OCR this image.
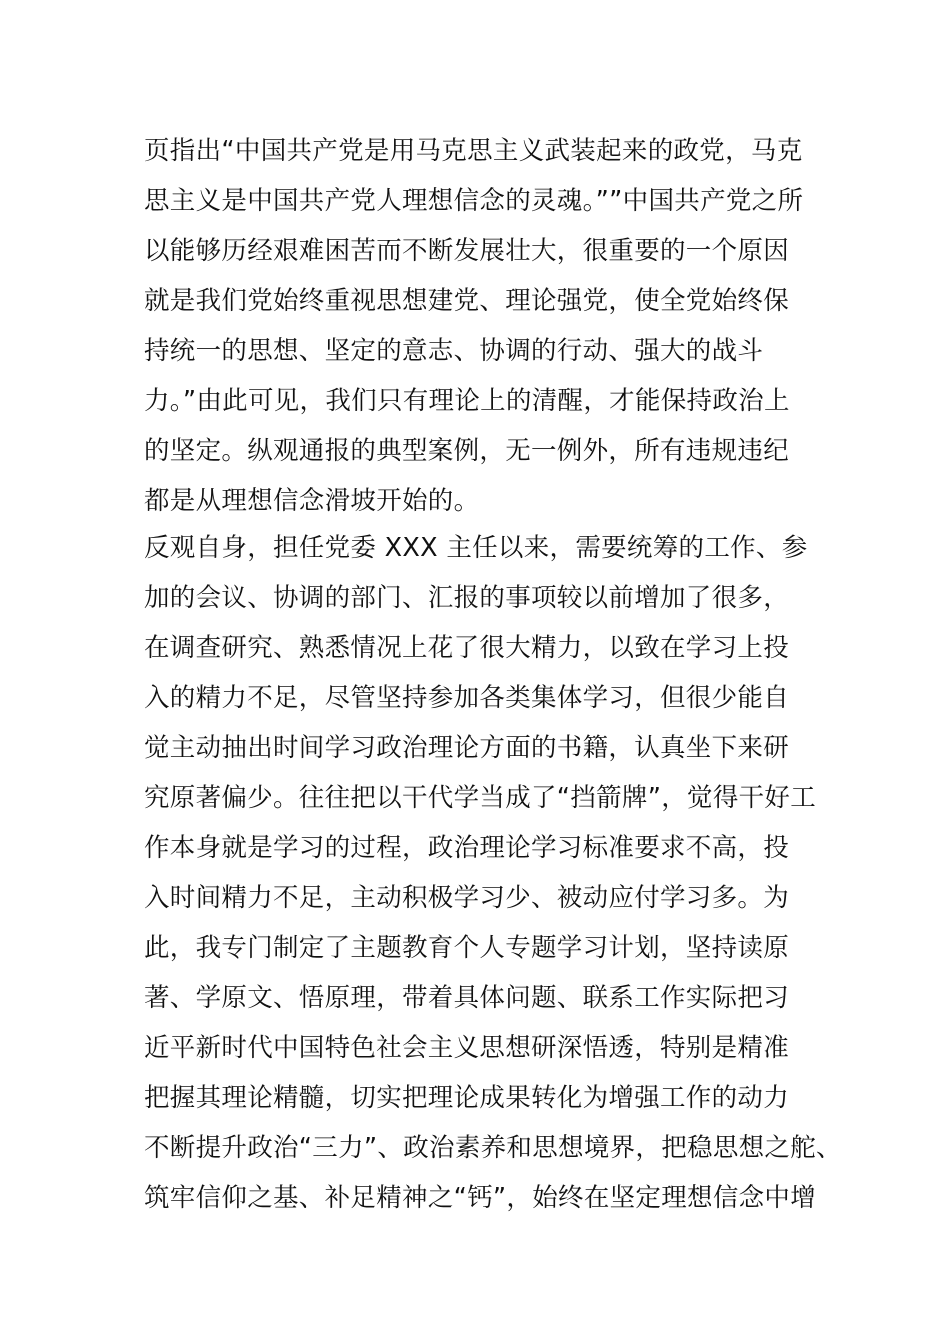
页指出“中国共产党是用马克思主义武装起来的政党，马克
思主义是中国共产党人理想信念的灵魂。””中国共产党之所
以能够历经艰难困苦而不断发展壮大，很重要的一个原因
就是我们党始终重视思想建党、理论强党，使全党始终保
持统一的思想、坚定的意志、协调的行动、强大的战斗
力。”由此可见，我们只有理论上的清醒，才能保持政治上
的坚定。纵观通报的典型案例，无一例外，所有违规违纪
都是从理想信念滑坡开始的。
反观自身，担任党委 XXX 主任以来，需要统筹的工作、参
加的会议、协调的部门、汇报的事项较以前增加了很多，
在调查研究、熟悉情况上花了很大精力，以致在学习上投
入的精力不足，尽管坚持参加各类集体学习，但很少能自
觉主动抽出时间学习政治理论方面的书籍，认真坐下来研
究原著偏少。往往把以干代学当成了“挡箭牌”，觉得干好工
作本身就是学习的过程，政治理论学习标准要求不高，投
入时间精力不足，主动积极学习少、被动应付学习多。为
此，我专门制定了主题教育个人专题学习计划，坚持读原
著、学原文、悟原理，带着具体问题、联系工作实际把习
近平新时代中国特色社会主义思想研深悟透，特别是精准
把握其理论精髓，切实把理论成果转化为增强工作的动力
不断提升政治“三力”、政治素养和思想境界，把稳思想之舵、
筑牢信仰之基、补足精神之“钙”，始终在坚定理想信念中增
